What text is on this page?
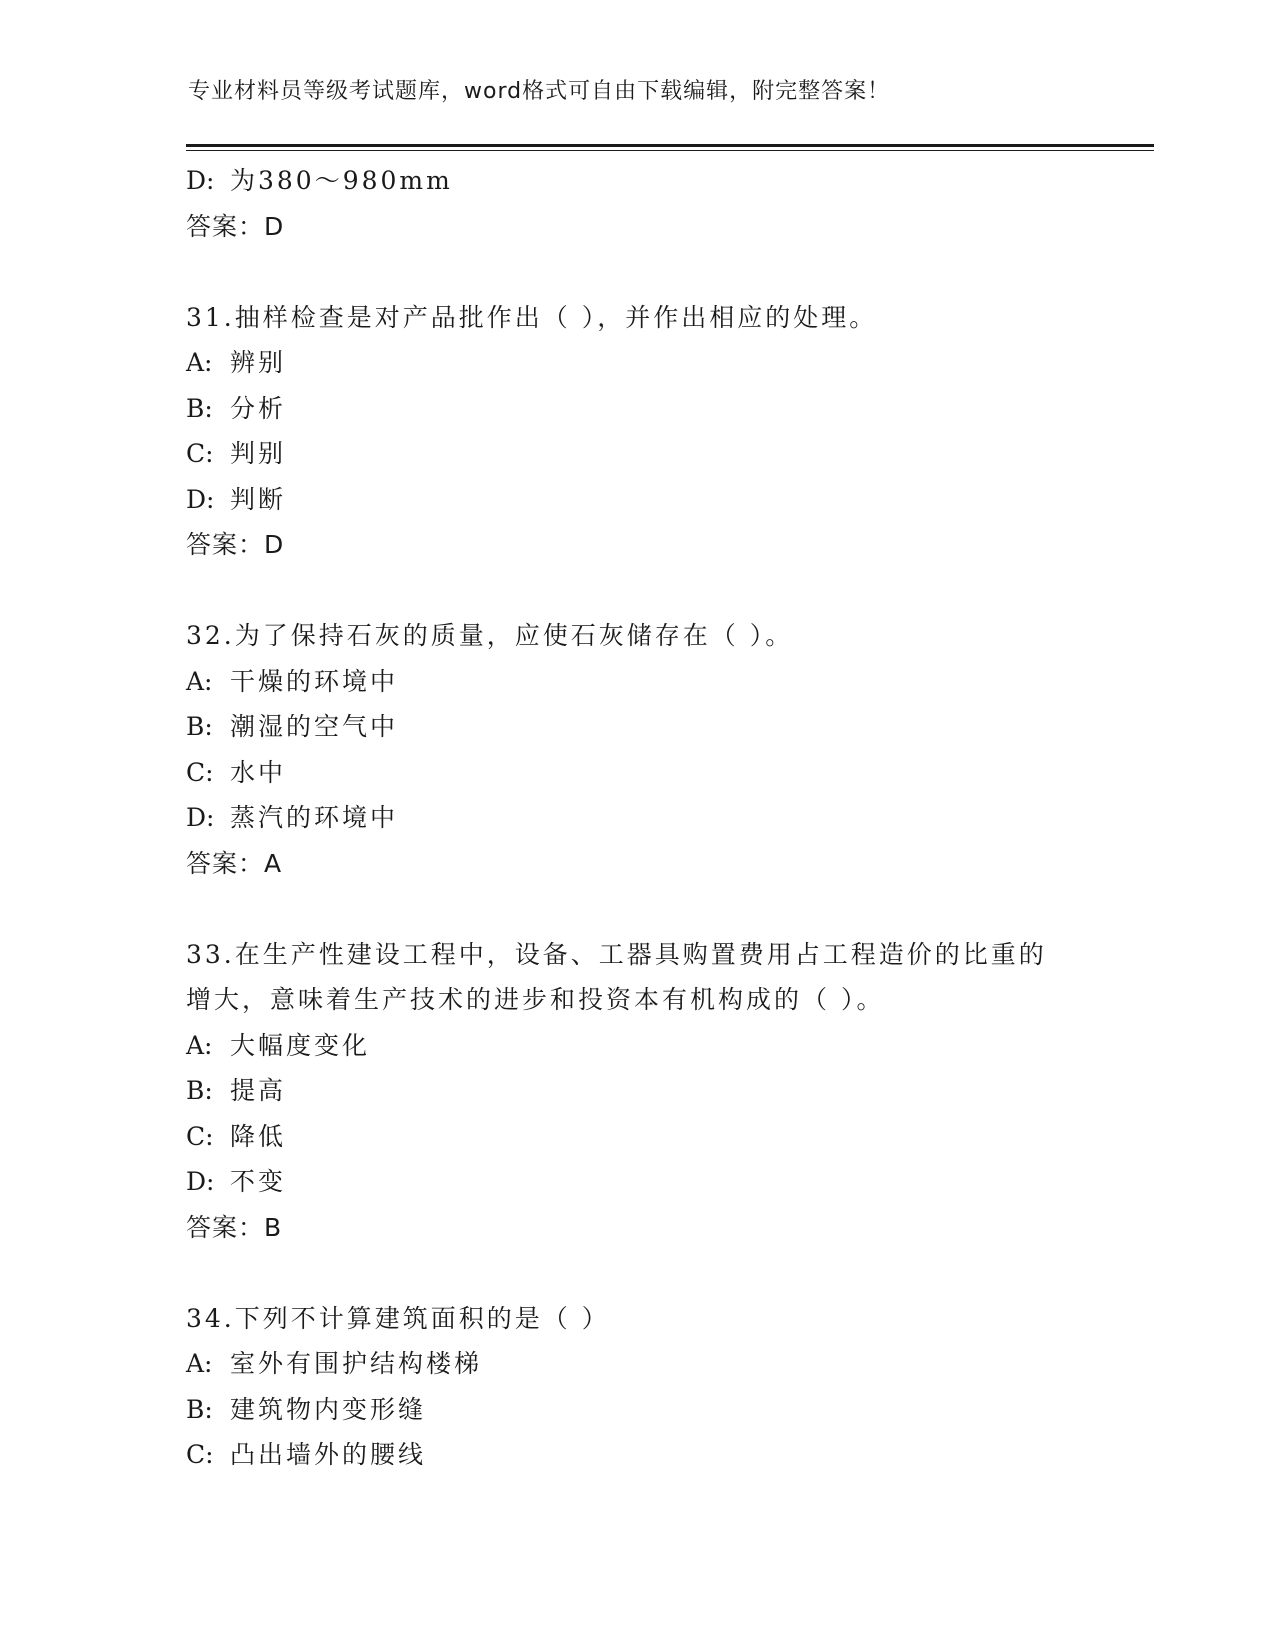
专业材料员等级考试题库，word格式可自由下载编辑，附完整答案！
D: 为380～980mm
答案：D
31.抽样检查是对产品批作出（ ），并作出相应的处理。
A: 辨别
B: 分析
C: 判别
D: 判断
答案：D
32.为了保持石灰的质量，应使石灰储存在（ ）。
A: 干燥的环境中
B: 潮湿的空气中
C: 水中
D: 蒸汽的环境中
答案：A
33.在生产性建设工程中，设备、工器具购置费用占工程造价的比重的
增大，意味着生产技术的进步和投资本有机构成的（ ）。
A: 大幅度变化
B: 提高
C: 降低
D: 不变
答案：B
34.下列不计算建筑面积的是（ ）
A: 室外有围护结构楼梯
B: 建筑物内变形缝
C: 凸出墙外的腰线
